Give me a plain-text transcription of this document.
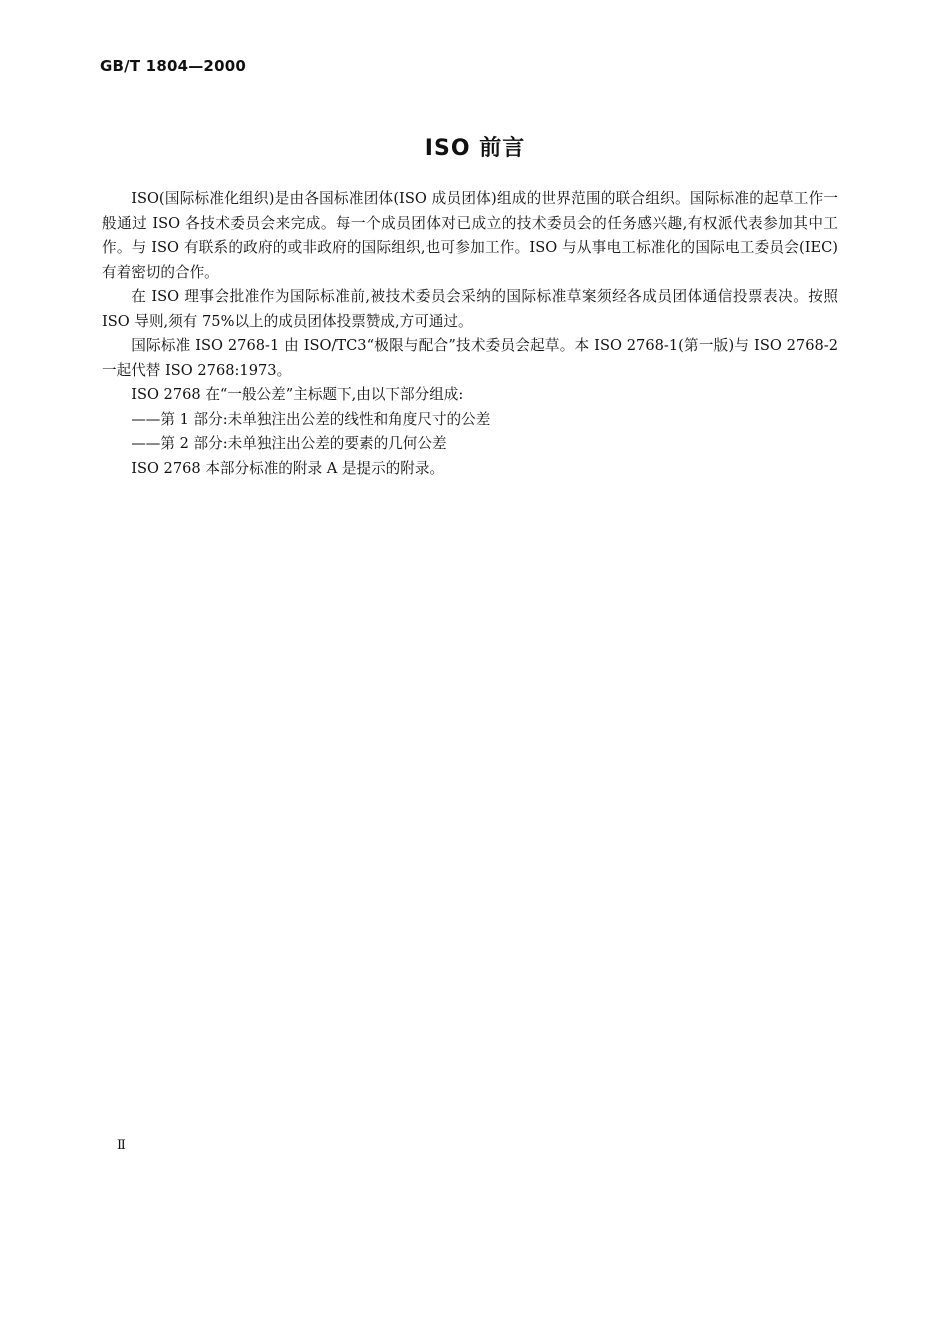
GB/T 1804—2000
ISO 前言

ISO(国际标准化组织)是由各国标准团体(ISO 成员团体)组成的世界范围的联合组织。国际标准的起草工作一般通过 ISO 各技术委员会来完成。每一个成员团体对已成立的技术委员会的任务感兴趣,有权派代表参加其中工作。与 ISO 有联系的政府的或非政府的国际组织,也可参加工作。ISO 与从事电工标准化的国际电工委员会(IEC)有着密切的合作。

在 ISO 理事会批准作为国际标准前,被技术委员会采纳的国际标准草案须经各成员团体通信投票表决。按照 ISO 导则,须有 75%以上的成员团体投票赞成,方可通过。

国际标准 ISO 2768-1 由 ISO/TC3“极限与配合”技术委员会起草。本 ISO 2768-1(第一版)与 ISO 2768-2 一起代替 ISO 2768:1973。

ISO 2768 在“一般公差”主标题下,由以下部分组成:

——第 1 部分:未单独注出公差的线性和角度尺寸的公差

——第 2 部分:未单独注出公差的要素的几何公差

ISO 2768 本部分标准的附录 A 是提示的附录。

Ⅱ
